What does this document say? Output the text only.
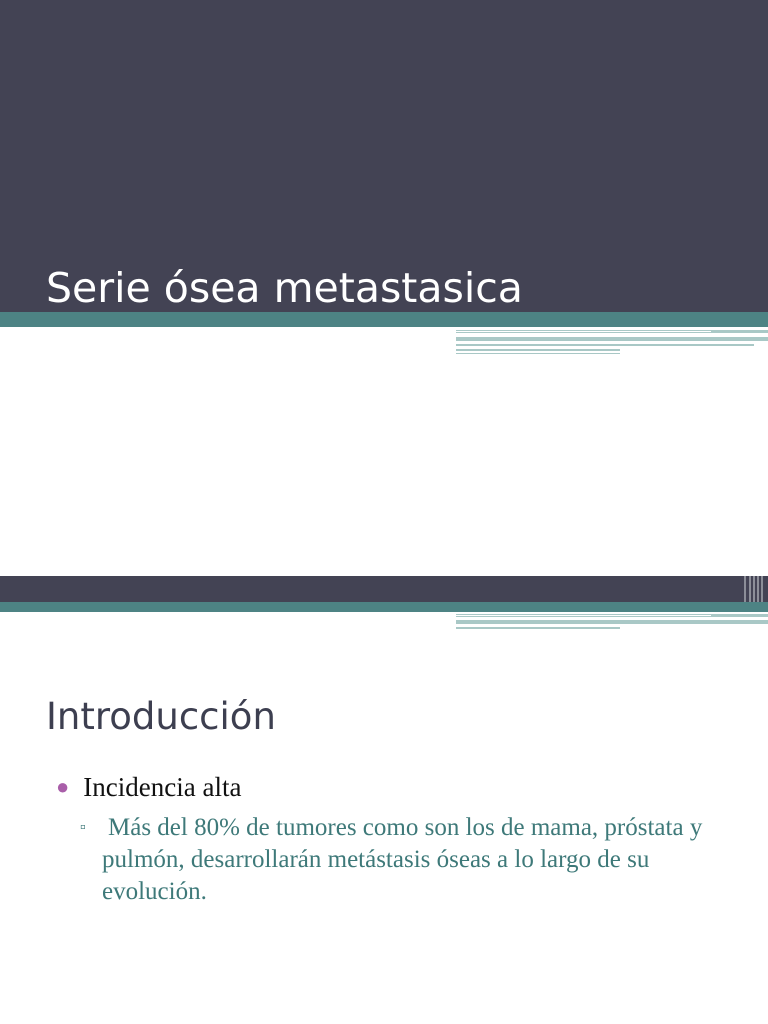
Serie ósea metastasica
Introducción
● Incidencia alta
▫ Más del 80% de tumores como son los de mama, próstata y pulmón, desarrollarán metástasis óseas a lo largo de su evolución.
